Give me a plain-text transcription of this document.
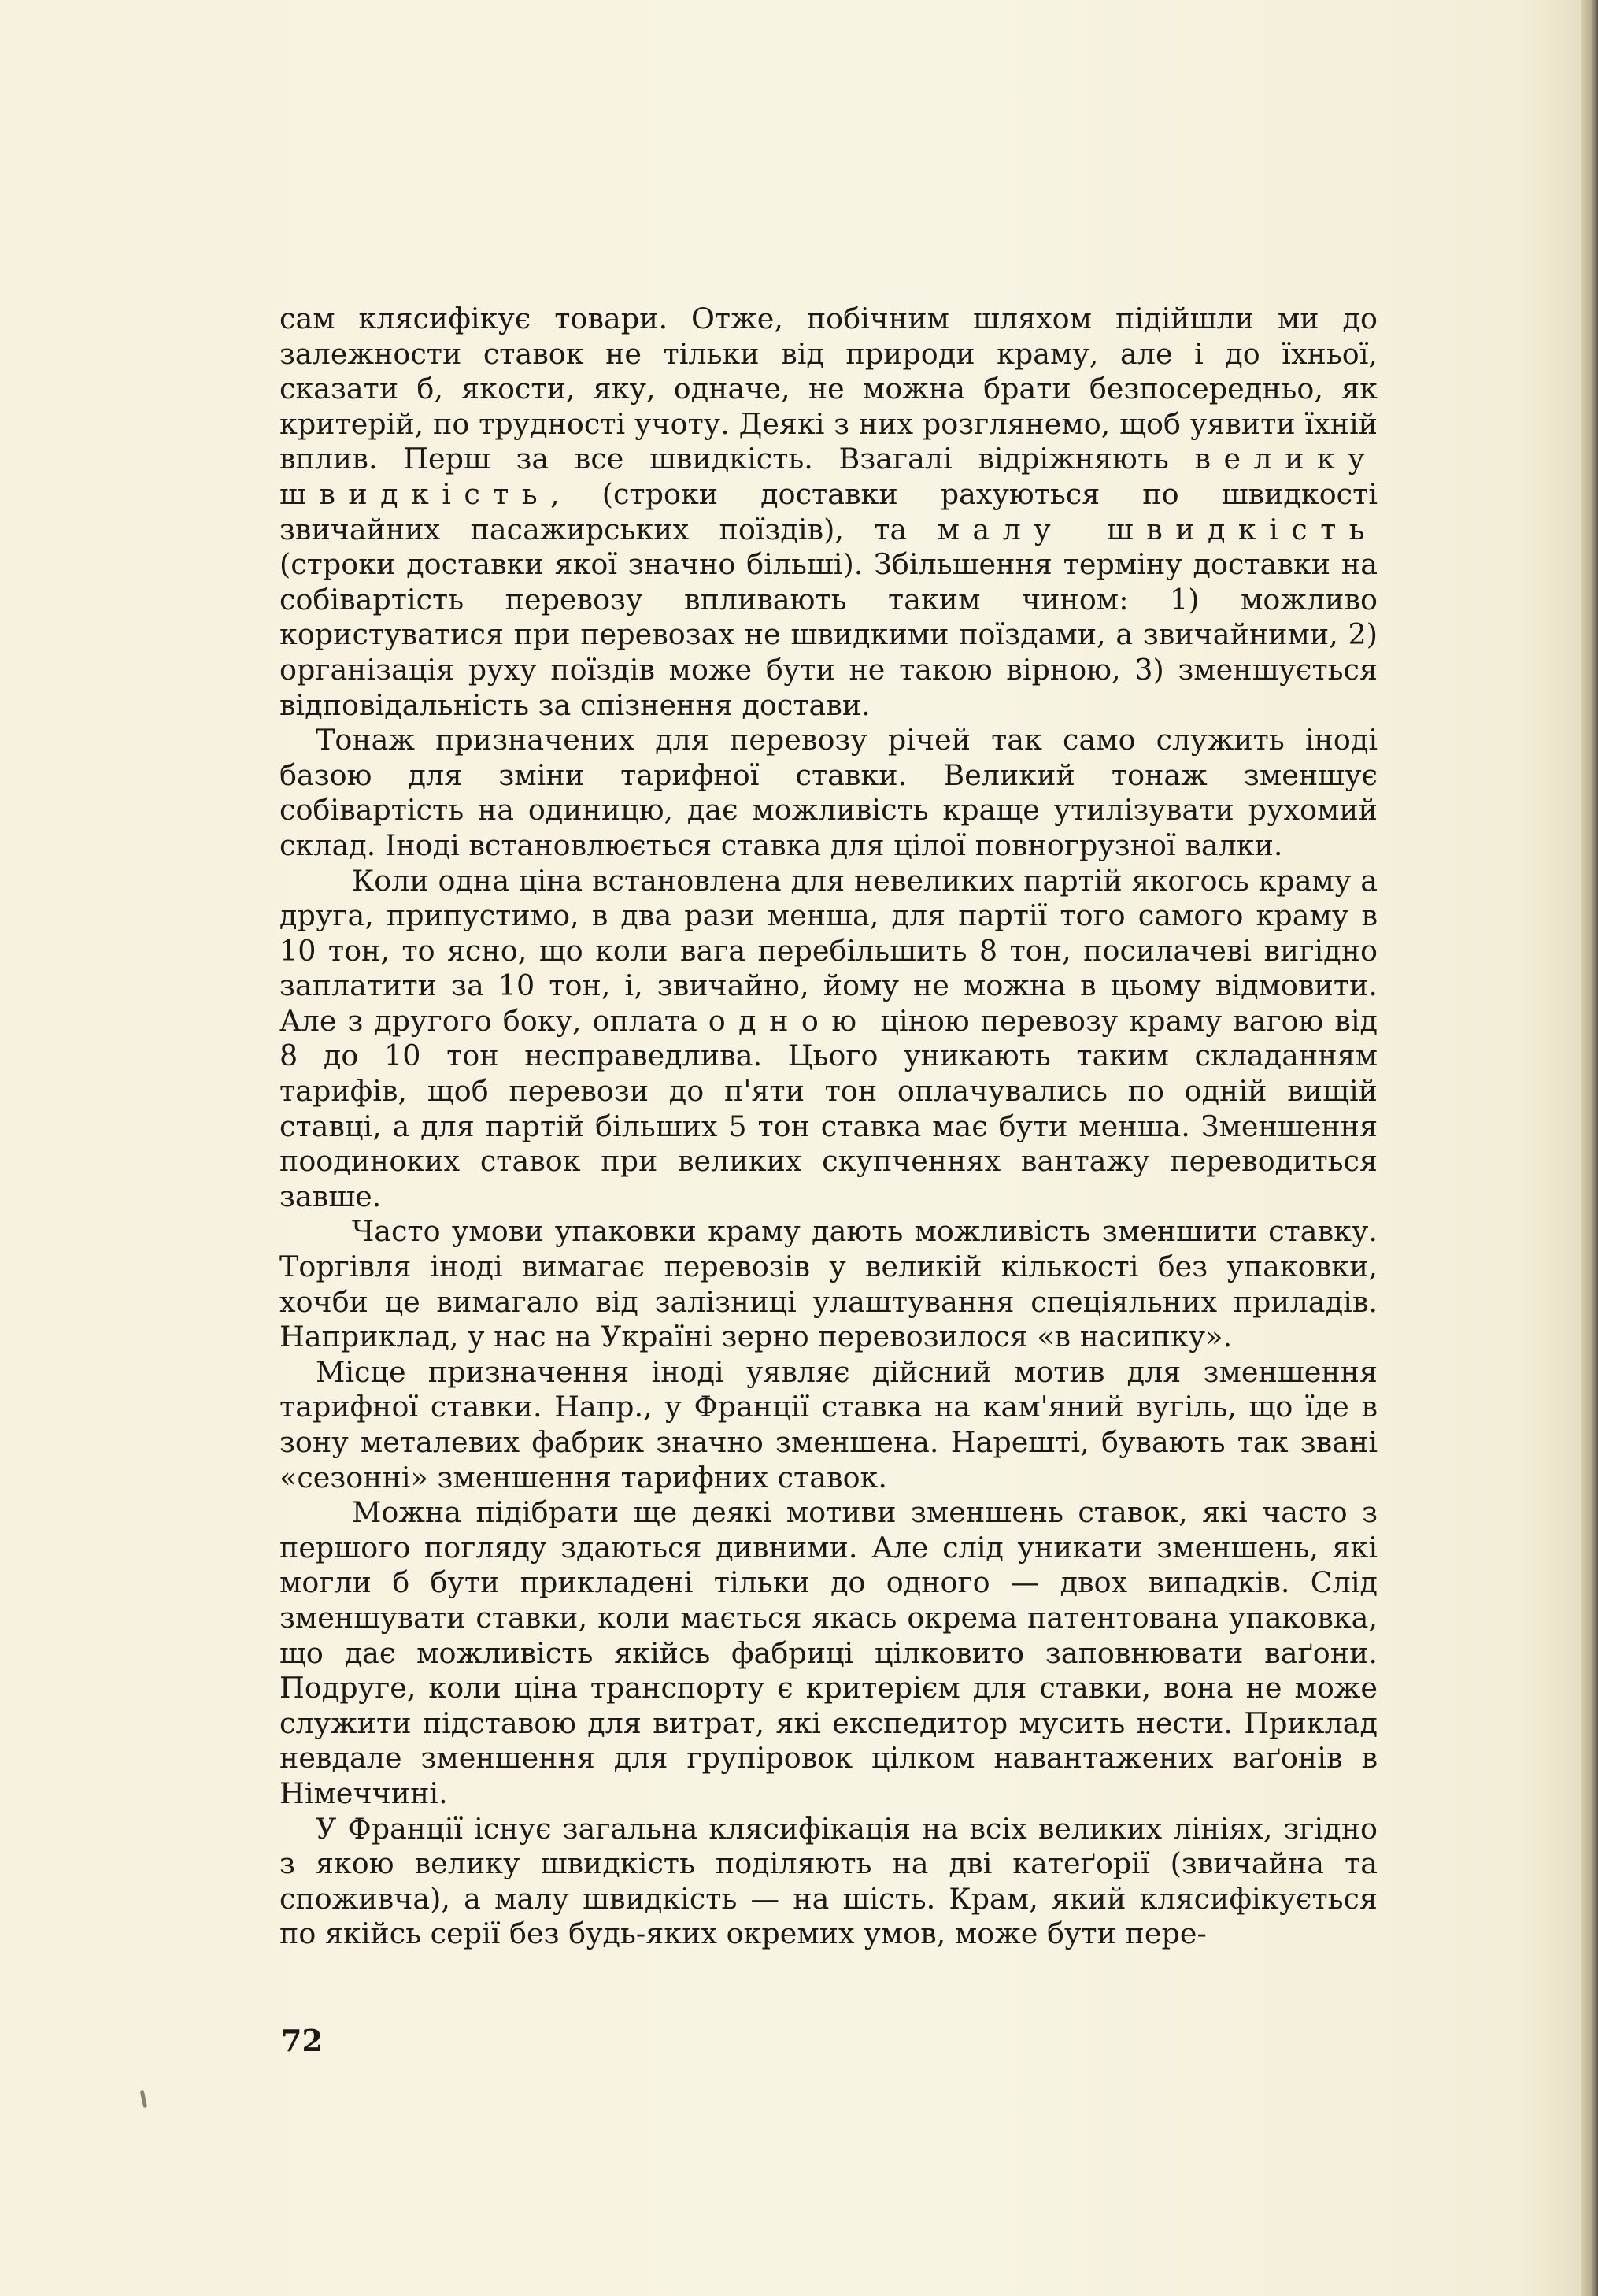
сам клясифікує товари. Отже, побічним шляхом підійшли ми до залежности ставок не тільки від природи краму, але і до їхньої, сказати б, якости, яку, одначе, не можна брати безпосередньо, як критерій, по трудності учоту. Деякі з них розглянемо, щоб уявити їхній вплив. Перш за все швидкість. Взагалі відріжняють велику швидкість, (строки доставки рахуються по швидкості звичайних пасажирських поїздів), та малу швидкість (строки доставки якої значно більші). Збільшення терміну доставки на собівартість перевозу впливають таким чином: 1) можливо користуватися при перевозах не швидкими поїздами, а звичайними, 2) організація руху поїздів може бути не такою вірною, 3) зменшується відповідальність за спізнення достави.

Тонаж призначених для перевозу річей так само служить іноді базою для зміни тарифної ставки. Великий тонаж зменшує собівартість на одиницю, дає можливість краще утилізувати рухомий склад. Іноді встановлюється ставка для цілої повногрузної валки.

Коли одна ціна встановлена для невеликих партій якогось краму а друга, припустимо, в два рази менша, для партії того самого краму в 10 тон, то ясно, що коли вага перебільшить 8 тон, посилачеві вигідно заплатити за 10 тон, і, звичайно, йому не можна в цьому відмовити. Але з другого боку, оплата одною ціною перевозу краму вагою від 8 до 10 тон несправедлива. Цього уникають таким складанням тарифів, щоб перевози до п'яти тон оплачувались по одній вищій ставці, а для партій більших 5 тон ставка має бути менша. Зменшення поодиноких ставок при великих скупченнях вантажу переводиться завше.

Часто умови упаковки краму дають можливість зменшити ставку. Торгівля іноді вимагає перевозів у великій кількості без упаковки, хочби це вимагало від залізниці улаштування спеціяльних приладів. Наприклад, у нас на Україні зерно перевозилося «в насипку».

Місце призначення іноді уявляє дійсний мотив для зменшення тарифної ставки. Напр., у Франції ставка на кам'яний вугіль, що їде в зону металевих фабрик значно зменшена. Нарешті, бувають так звані «сезонні» зменшення тарифних ставок.

Можна підібрати ще деякі мотиви зменшень ставок, які часто з першого погляду здаються дивними. Але слід уникати зменшень, які могли б бути прикладені тільки до одного — двох випадків. Слід зменшувати ставки, коли мається якась окрема патентована упаковка, що дає можливість якійсь фабриці цілковито заповнювати ваґони. Подруге, коли ціна транспорту є критерієм для ставки, вона не може служити підставою для витрат, які експедитор мусить нести. Приклад невдале зменшення для групіровок цілком навантажених ваґонів в Німеччині.

У Франції існує загальна клясифікація на всіх великих лініях, згідно з якою велику швидкість поділяють на дві катеґорії (звичайна та споживча), а малу швидкість — на шість. Крам, який клясифікується по якійсь серії без будь-яких окремих умов, може бути пере-

72
